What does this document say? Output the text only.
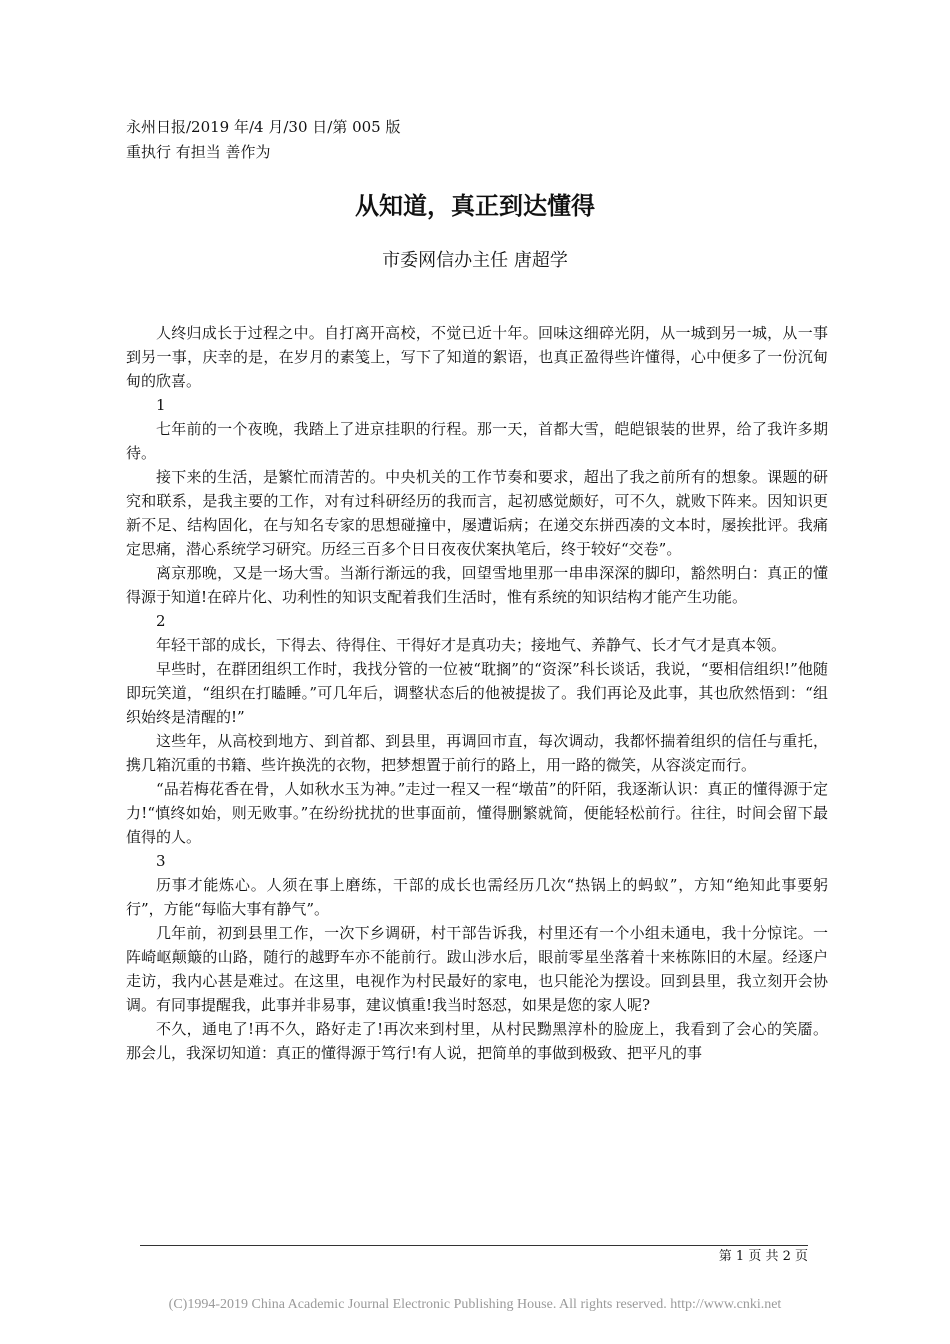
永州日报/2019 年/4 月/30 日/第 005 版
重执行 有担当 善作为
从知道，真正到达懂得
市委网信办主任 唐超学

人终归成长于过程之中。自打离开高校，不觉已近十年。回味这细碎光阴，从一城到另一城，从一事到另一事，庆幸的是，在岁月的素笺上，写下了知道的絮语，也真正盈得些许懂得，心中便多了一份沉甸甸的欣喜。

1

七年前的一个夜晚，我踏上了进京挂职的行程。那一天，首都大雪，皑皑银装的世界，给了我许多期待。

接下来的生活，是繁忙而清苦的。中央机关的工作节奏和要求，超出了我之前所有的想象。课题的研究和联系，是我主要的工作，对有过科研经历的我而言，起初感觉颇好，可不久，就败下阵来。因知识更新不足、结构固化，在与知名专家的思想碰撞中，屡遭诟病；在递交东拼西凑的文本时，屡挨批评。我痛定思痛，潜心系统学习研究。历经三百多个日日夜夜伏案执笔后，终于较好“交卷”。

离京那晚，又是一场大雪。当渐行渐远的我，回望雪地里那一串串深深的脚印，豁然明白：真正的懂得源于知道!在碎片化、功利性的知识支配着我们生活时，惟有系统的知识结构才能产生功能。

2

年轻干部的成长，下得去、待得住、干得好才是真功夫；接地气、养静气、长才气才是真本领。

早些时，在群团组织工作时，我找分管的一位被“耽搁”的“资深”科长谈话，我说，“要相信组织!”他随即玩笑道，“组织在打瞌睡。”可几年后，调整状态后的他被提拔了。我们再论及此事，其也欣然悟到：“组织始终是清醒的!”

这些年，从高校到地方、到首都、到县里，再调回市直，每次调动，我都怀揣着组织的信任与重托，携几箱沉重的书籍、些许换洗的衣物，把梦想置于前行的路上，用一路的微笑，从容淡定而行。

“品若梅花香在骨，人如秋水玉为神。”走过一程又一程“墩苗”的阡陌，我逐渐认识：真正的懂得源于定力!“慎终如始，则无败事。”在纷纷扰扰的世事面前，懂得删繁就简，便能轻松前行。往往，时间会留下最值得的人。

3

历事才能炼心。人须在事上磨练，干部的成长也需经历几次“热锅上的蚂蚁”，方知“绝知此事要躬行”，方能“每临大事有静气”。

几年前，初到县里工作，一次下乡调研，村干部告诉我，村里还有一个小组未通电，我十分惊诧。一阵崎岖颠簸的山路，随行的越野车亦不能前行。跋山涉水后，眼前零星坐落着十来栋陈旧的木屋。经逐户走访，我内心甚是难过。在这里，电视作为村民最好的家电，也只能沦为摆设。回到县里，我立刻开会协调。有同事提醒我，此事并非易事，建议慎重!我当时怒怼，如果是您的家人呢?

不久，通电了!再不久，路好走了!再次来到村里，从村民黝黑淳朴的脸庞上，我看到了会心的笑靥。那会儿，我深切知道：真正的懂得源于笃行!有人说，把简单的事做到极致、把平凡的事

第 1 页 共 2 页
(C)1994-2019 China Academic Journal Electronic Publishing House. All rights reserved. http://www.cnki.net
